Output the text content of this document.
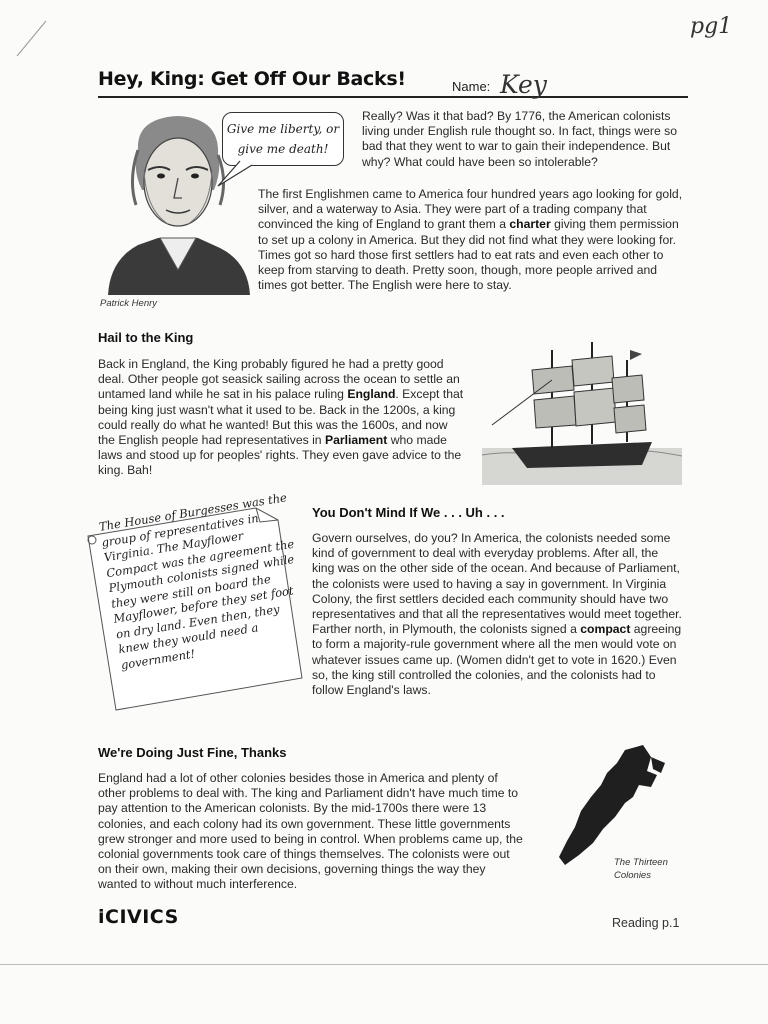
pg1
Hey, King: Get Off Our Backs!	Name: Key
Patrick Henry
Give me liberty, or
give me death!

Really? Was it that bad? By 1776, the American colonists living under English rule thought so. In fact, things were so bad that they went to war to gain their independence. But why? What could have been so intolerable?

The first Englishmen came to America four hundred years ago looking for gold, silver, and a waterway to Asia. They were part of a trading company that convinced the king of England to grant them a charter giving them permission to set up a colony in America. But they did not find what they were looking for. Times got so hard those first settlers had to eat rats and even each other to keep from starving to death. Pretty soon, though, more people arrived and times got better. The English were here to stay.

Hail to the King

Back in England, the King probably figured he had a pretty good deal. Other people got seasick sailing across the ocean to settle an untamed land while he sat in his palace ruling England. Except that being king just wasn't what it used to be. Back in the 1200s, a king could really do what he wanted! But this was the 1600s, and now the English people had representatives in Parliament who made laws and stood up for peoples' rights. They even gave advice to the king. Bah!

The House of Burgesses was the group of representatives in Virginia. The Mayflower Compact was the agreement the Plymouth colonists signed while they were still on board the Mayflower, before they set foot on dry land. Even then, they knew they would need a government!
You Don't Mind If We . . . Uh . . .

Govern ourselves, do you? In America, the colonists needed some kind of government to deal with everyday problems. After all, the king was on the other side of the ocean. And because of Parliament, the colonists were used to having a say in government. In Virginia Colony, the first settlers decided each community should have two representatives and that all the representatives would meet together. Farther north, in Plymouth, the colonists signed a compact agreeing to form a majority-rule government where all the men would vote on whatever issues came up. (Women didn't get to vote in 1620.) Even so, the king still controlled the colonies, and the colonists had to follow England's laws.

We're Doing Just Fine, Thanks

England had a lot of other colonies besides those in America and plenty of other problems to deal with. The king and Parliament didn't have much time to pay attention to the American colonists. By the mid-1700s there were 13 colonies, and each colony had its own government. These little governments grew stronger and more used to being in control. When problems came up, the colonial governments took care of things themselves. The colonists were out on their own, making their own decisions, governing things the way they wanted to without much interference.

The Thirteen
Colonies
iCIVICS	Reading p.1
